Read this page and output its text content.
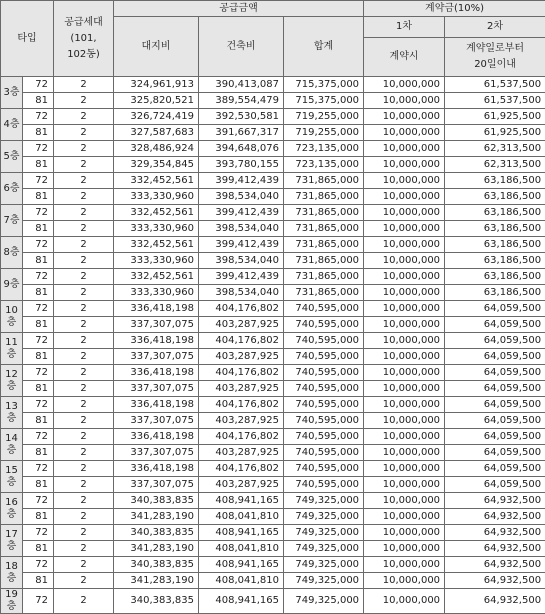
타입		공급세대
(101,
102동)	공급금액			계약금(10%)	
			대지비	건축비	합계	1차	2차
						계약시	계약일로부터
20일이내
3층	72	2	324,961,913	390,413,087	715,375,000	10,000,000	61,537,500
	81	2	325,820,521	389,554,479	715,375,000	10,000,000	61,537,500
4층	72	2	326,724,419	392,530,581	719,255,000	10,000,000	61,925,500
	81	2	327,587,683	391,667,317	719,255,000	10,000,000	61,925,500
5층	72	2	328,486,924	394,648,076	723,135,000	10,000,000	62,313,500
	81	2	329,354,845	393,780,155	723,135,000	10,000,000	62,313,500
6층	72	2	332,452,561	399,412,439	731,865,000	10,000,000	63,186,500
	81	2	333,330,960	398,534,040	731,865,000	10,000,000	63,186,500
7층	72	2	332,452,561	399,412,439	731,865,000	10,000,000	63,186,500
	81	2	333,330,960	398,534,040	731,865,000	10,000,000	63,186,500
8층	72	2	332,452,561	399,412,439	731,865,000	10,000,000	63,186,500
	81	2	333,330,960	398,534,040	731,865,000	10,000,000	63,186,500
9층	72	2	332,452,561	399,412,439	731,865,000	10,000,000	63,186,500
	81	2	333,330,960	398,534,040	731,865,000	10,000,000	63,186,500
10층	72	2	336,418,198	404,176,802	740,595,000	10,000,000	64,059,500
	81	2	337,307,075	403,287,925	740,595,000	10,000,000	64,059,500
11층	72	2	336,418,198	404,176,802	740,595,000	10,000,000	64,059,500
	81	2	337,307,075	403,287,925	740,595,000	10,000,000	64,059,500
12층	72	2	336,418,198	404,176,802	740,595,000	10,000,000	64,059,500
	81	2	337,307,075	403,287,925	740,595,000	10,000,000	64,059,500
13층	72	2	336,418,198	404,176,802	740,595,000	10,000,000	64,059,500
	81	2	337,307,075	403,287,925	740,595,000	10,000,000	64,059,500
14층	72	2	336,418,198	404,176,802	740,595,000	10,000,000	64,059,500
	81	2	337,307,075	403,287,925	740,595,000	10,000,000	64,059,500
15층	72	2	336,418,198	404,176,802	740,595,000	10,000,000	64,059,500
	81	2	337,307,075	403,287,925	740,595,000	10,000,000	64,059,500
16층	72	2	340,383,835	408,941,165	749,325,000	10,000,000	64,932,500
	81	2	341,283,190	408,041,810	749,325,000	10,000,000	64,932,500
17층	72	2	340,383,835	408,941,165	749,325,000	10,000,000	64,932,500
	81	2	341,283,190	408,041,810	749,325,000	10,000,000	64,932,500
18층	72	2	340,383,835	408,941,165	749,325,000	10,000,000	64,932,500
	81	2	341,283,190	408,041,810	749,325,000	10,000,000	64,932,500
19층	72	2	340,383,835	408,941,165	749,325,000	10,000,000	64,932,500
